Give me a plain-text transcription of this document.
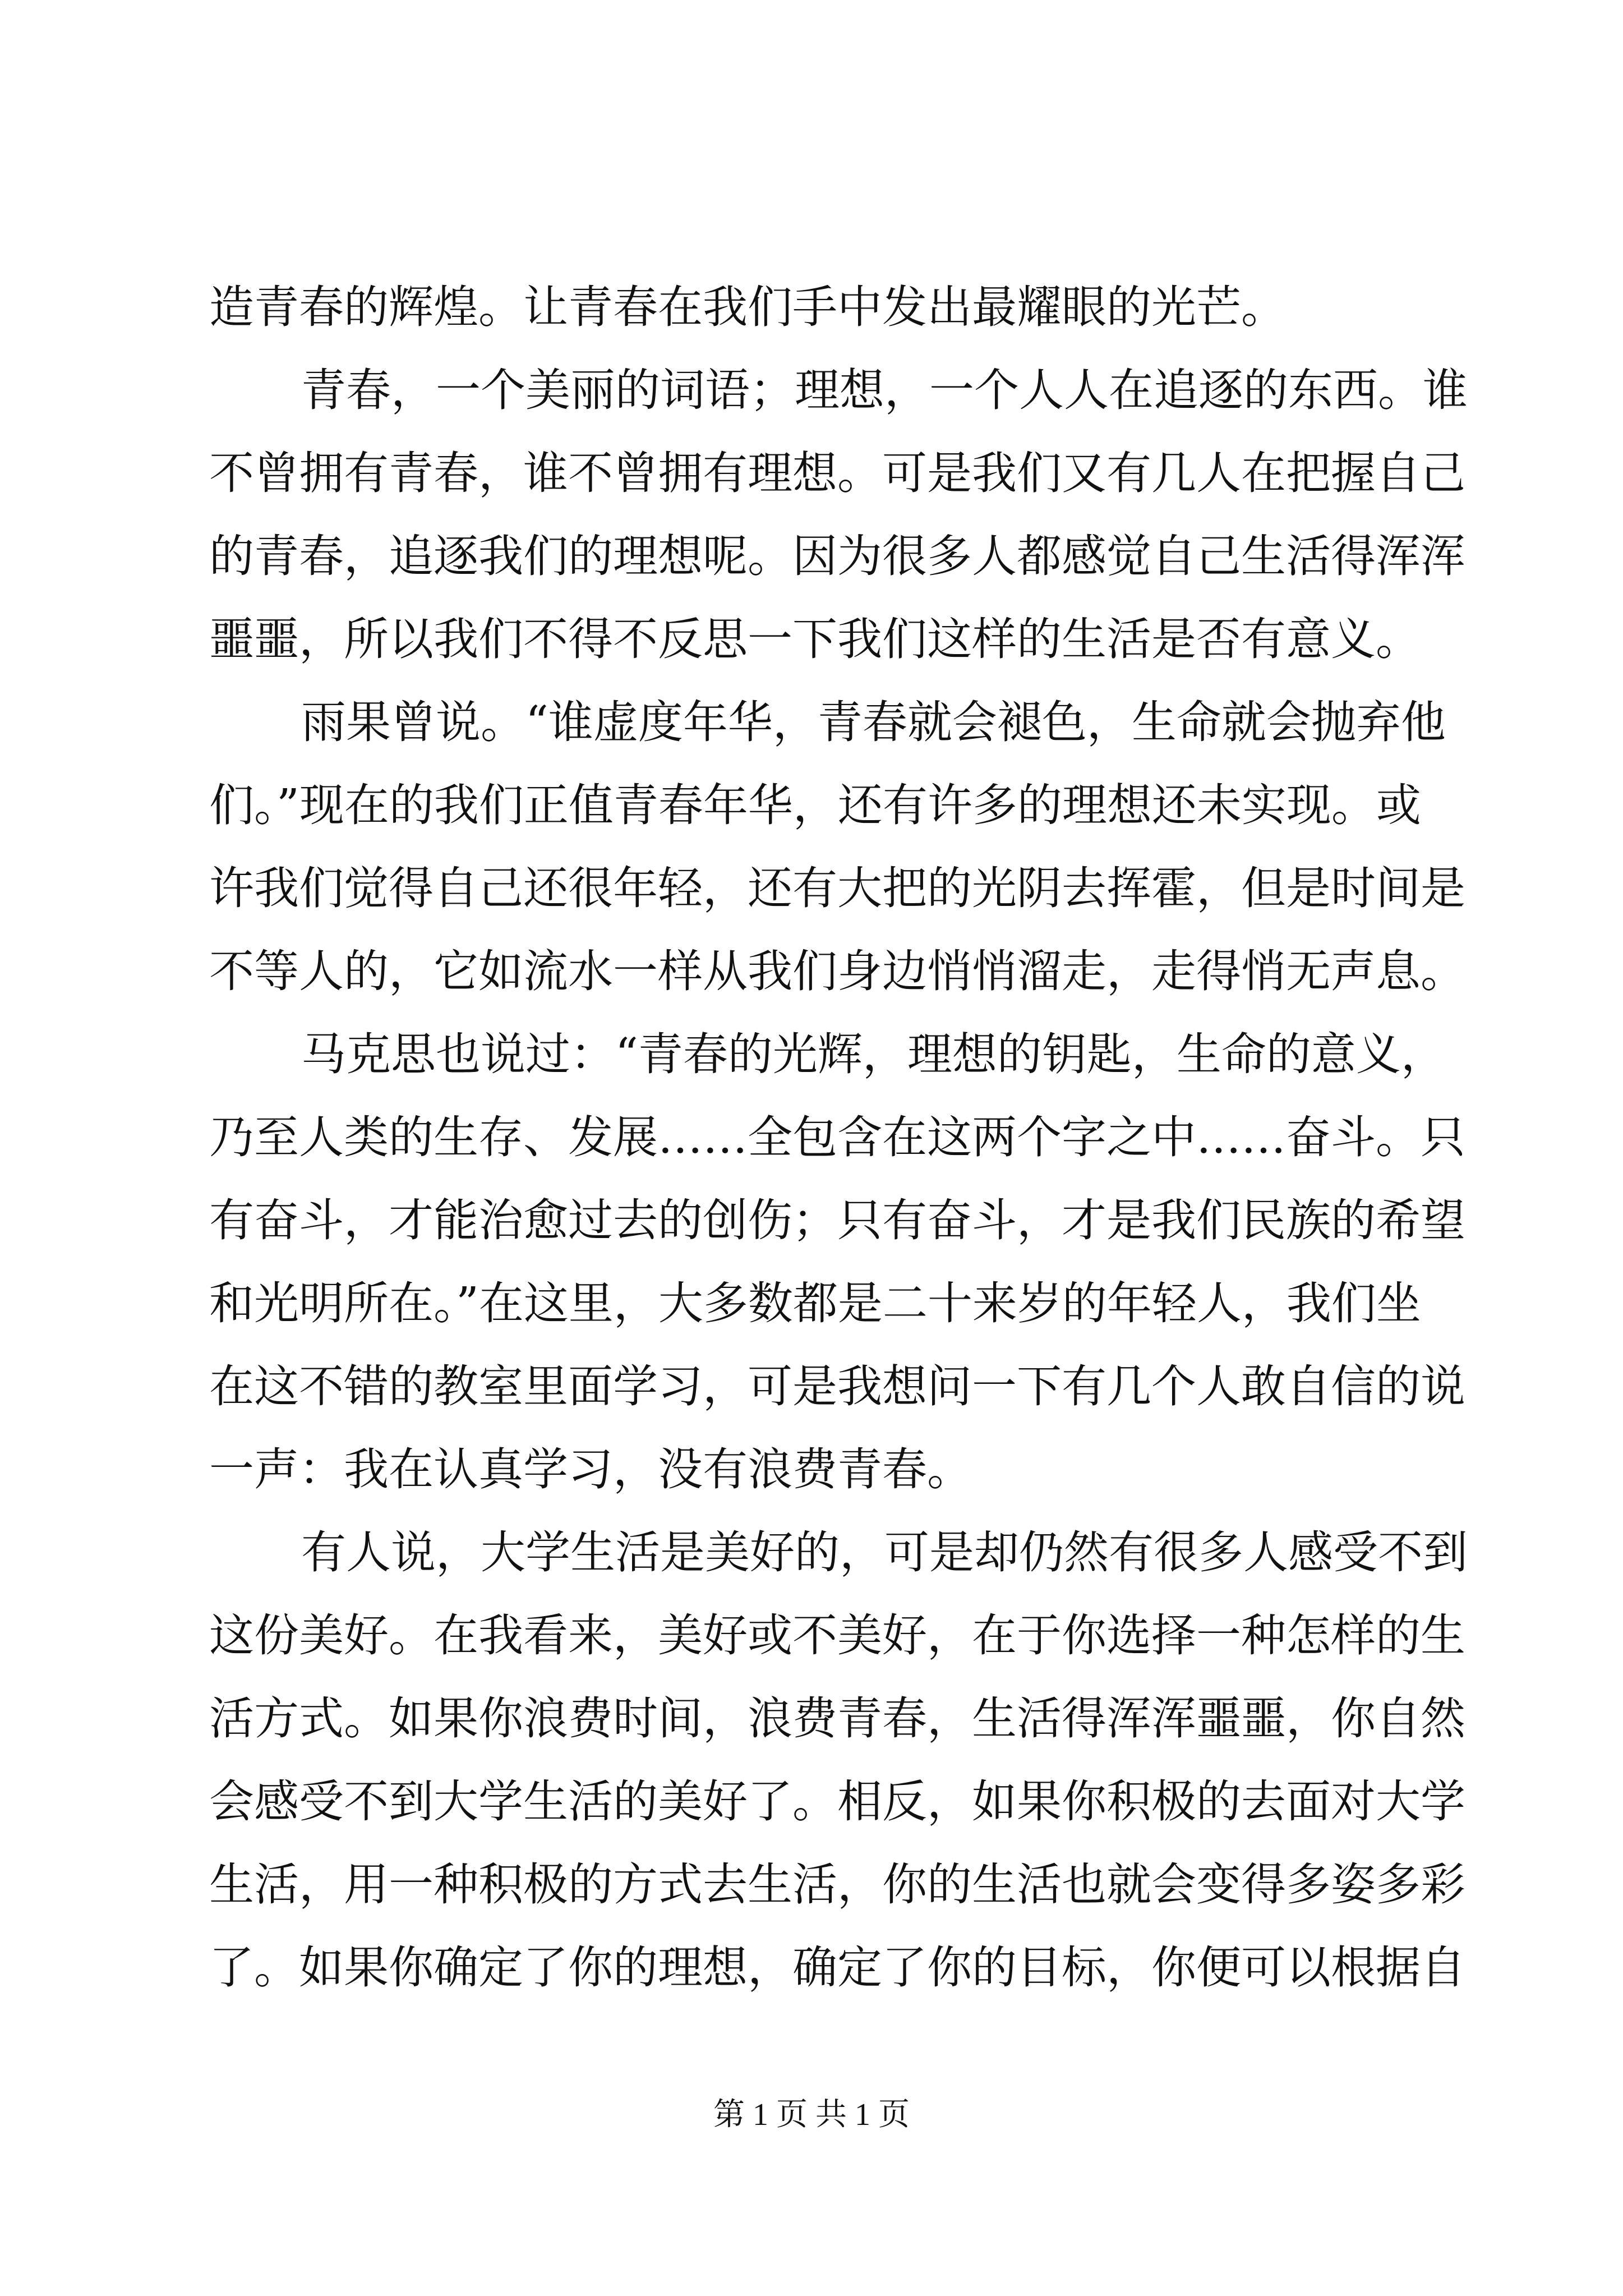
造青春的辉煌。让青春在我们手中发出最耀眼的光芒。
青春，一个美丽的词语；理想，一个人人在追逐的东西。谁
不曾拥有青春，谁不曾拥有理想。可是我们又有几人在把握自己
的青春，追逐我们的理想呢。因为很多人都感觉自己生活得浑浑
噩噩，所以我们不得不反思一下我们这样的生活是否有意义。
雨果曾说。“谁虚度年华，青春就会褪色，生命就会抛弃他
们。”现在的我们正值青春年华，还有许多的理想还未实现。或
许我们觉得自己还很年轻，还有大把的光阴去挥霍，但是时间是
不等人的，它如流水一样从我们身边悄悄溜走，走得悄无声息。
马克思也说过：“青春的光辉，理想的钥匙，生命的意义，
乃至人类的生存、发展……全包含在这两个字之中……奋斗。只
有奋斗，才能治愈过去的创伤；只有奋斗，才是我们民族的希望
和光明所在。”在这里，大多数都是二十来岁的年轻人，我们坐
在这不错的教室里面学习，可是我想问一下有几个人敢自信的说
一声：我在认真学习，没有浪费青春。
有人说，大学生活是美好的，可是却仍然有很多人感受不到
这份美好。在我看来，美好或不美好，在于你选择一种怎样的生
活方式。如果你浪费时间，浪费青春，生活得浑浑噩噩，你自然
会感受不到大学生活的美好了。相反，如果你积极的去面对大学
生活，用一种积极的方式去生活，你的生活也就会变得多姿多彩
了。如果你确定了你的理想，确定了你的目标，你便可以根据自
第 1 页 共 1 页
